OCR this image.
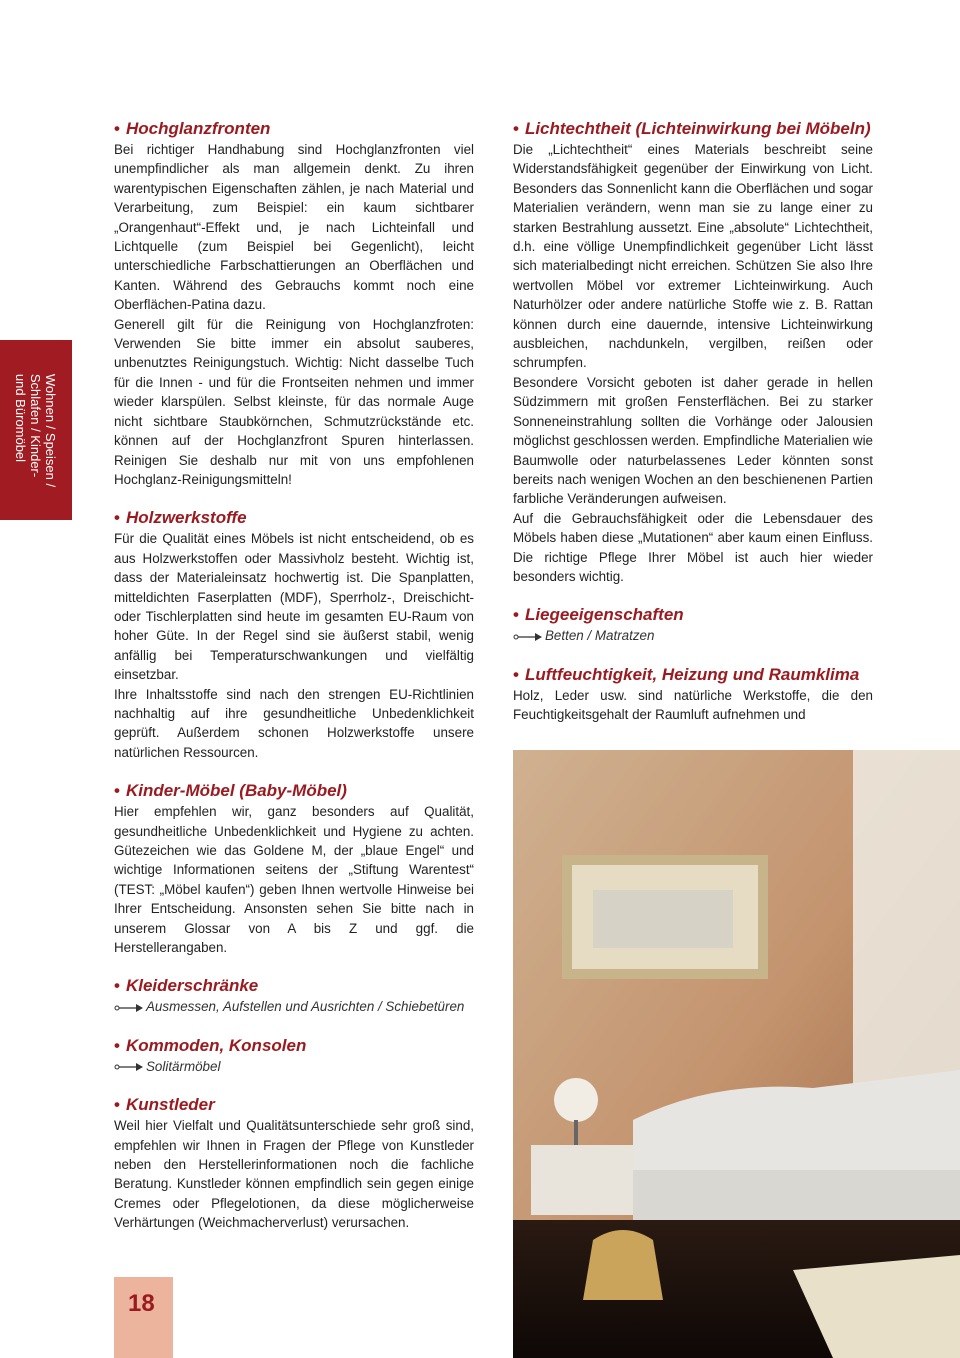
Wohnen / Speisen /
Schlafen / Kinder-
und Büromöbel
• Hochglanzfronten

Bei richtiger Handhabung sind Hochglanzfronten viel unempfindlicher als man allgemein denkt. Zu ihren warentypischen Eigenschaften zählen, je nach Material und Verarbeitung, zum Beispiel: ein kaum sichtbarer „Orangenhaut“-Effekt und, je nach Lichteinfall und Lichtquelle (zum Beispiel bei Gegenlicht), leicht unterschiedliche Farbschattierungen an Oberflächen und Kanten. Während des Gebrauchs kommt noch eine Oberflächen-Patina dazu.

Generell gilt für die Reinigung von Hochglanzfroten: Verwenden Sie bitte immer ein absolut sauberes, unbenutztes Reinigungstuch. Wichtig: Nicht dasselbe Tuch für die Innen - und für die Frontseiten nehmen und immer wieder klarspülen. Selbst kleinste, für das normale Auge nicht sichtbare Staubkörnchen, Schmutzrückstände etc. können auf der Hochglanzfront Spuren hinterlassen. Reinigen Sie deshalb nur mit von uns empfohlenen Hochglanz-Reinigungsmitteln!

• Holzwerkstoffe

Für die Qualität eines Möbels ist nicht entscheidend, ob es aus Holzwerkstoffen oder Massivholz besteht. Wichtig ist, dass der Materialeinsatz hochwertig ist. Die Spanplatten, mitteldichten Faserplatten (MDF), Sperrholz-, Dreischicht- oder Tischlerplatten sind heute im gesamten EU-Raum von hoher Güte. In der Regel sind sie äußerst stabil, wenig anfällig bei Temperaturschwankungen und vielfältig einsetzbar.

Ihre Inhaltsstoffe sind nach den strengen EU-Richtlinien nachhaltig auf ihre gesundheitliche Unbedenklichkeit geprüft. Außerdem schonen Holzwerkstoffe unsere natürlichen Ressourcen.

• Kinder-Möbel (Baby-Möbel)

Hier empfehlen wir, ganz besonders auf Qualität, gesundheitliche Unbedenklichkeit und Hygiene zu achten. Gütezeichen wie das Goldene M, der „blaue Engel“ und wichtige Informationen seitens der „Stiftung Warentest“ (TEST: „Möbel kaufen“) geben Ihnen wertvolle Hinweise bei Ihrer Entscheidung. Ansonsten sehen Sie bitte nach in unserem Glossar von A bis Z und ggf. die Herstellerangaben.

• Kleiderschränke

Ausmessen, Aufstellen und Ausrichten / Schiebetüren

• Kommoden, Konsolen

Solitärmöbel

• Kunstleder

Weil hier Vielfalt und Qualitätsunterschiede sehr groß sind, empfehlen wir Ihnen in Fragen der Pflege von Kunstleder neben den Herstellerinformationen noch die fachliche Beratung. Kunstleder können empfindlich sein gegen einige Cremes oder Pflegelotionen, da diese möglicherweise Verhärtungen (Weichmacherverlust) verursachen.

• Lichtechtheit (Lichteinwirkung bei Möbeln)

Die „Lichtechtheit“ eines Materials beschreibt seine Widerstandsfähigkeit gegenüber der Einwirkung von Licht. Besonders das Sonnenlicht kann die Oberflächen und sogar Materialien verändern, wenn man sie zu lange einer zu starken Bestrahlung aussetzt. Eine „absolute“ Lichtechtheit, d.h. eine völlige Unempfindlichkeit gegenüber Licht lässt sich materialbedingt nicht erreichen. Schützen Sie also Ihre wertvollen Möbel vor extremer Lichteinwirkung. Auch Naturhölzer oder andere natürliche Stoffe wie z. B. Rattan können durch eine dauernde, intensive Lichteinwirkung ausbleichen, nachdunkeln, vergilben, reißen oder schrumpfen.

Besondere Vorsicht geboten ist daher gerade in hellen Südzimmern mit großen Fensterflächen. Bei zu starker Sonneneinstrahlung sollten die Vorhänge oder Jalousien möglichst geschlossen werden. Empfindliche Materialien wie Baumwolle oder naturbelassenes Leder könnten sonst bereits nach wenigen Wochen an den beschienenen Partien farbliche Veränderungen aufweisen.

Auf die Gebrauchsfähigkeit oder die Lebensdauer des Möbels haben diese „Mutationen“ aber kaum einen Einfluss. Die richtige Pflege Ihrer Möbel ist auch hier wieder besonders wichtig.

• Liegeeigenschaften

Betten / Matratzen

• Luftfeuchtigkeit, Heizung und Raumklima

Holz, Leder usw. sind natürliche Werkstoffe, die den Feuchtigkeitsgehalt der Raumluft aufnehmen und

18
